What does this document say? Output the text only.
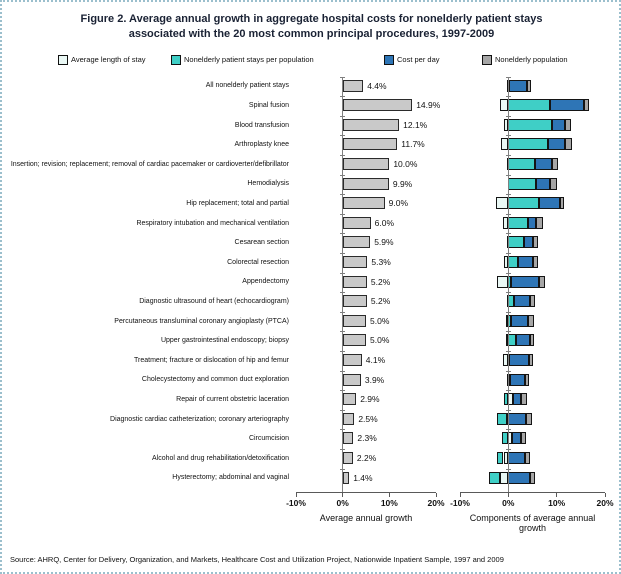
Figure 2. Average annual growth in aggregate hospital costs for nonelderly patient stays
associated with the 20 most common principal procedures, 1997-2009
Average length of stay	Nonelderly patient stays per population	Cost per day	Nonelderly population
All nonelderly patient stays
Spinal fusion
Blood transfusion
Arthroplasty knee
Insertion; revision; replacement; removal of cardiac pacemaker or cardioverter/defibrillator
Hemodialysis
Hip replacement; total and partial
Respiratory intubation and mechanical ventilation
Cesarean section
Colorectal resection
Appendectomy
Diagnostic ultrasound of heart (echocardiogram)
Percutaneous transluminal coronary angioplasty (PTCA)
Upper gastrointestinal endoscopy; biopsy
Treatment; fracture or dislocation of hip and femur
Cholecystectomy and common duct exploration
Repair of current obstetric laceration
Diagnostic cardiac catheterization; coronary arteriography
Circumcision
Alcohol and drug rehabilitation/detoxification
Hysterectomy; abdominal and vaginal
4.4%
14.9%
12.1%
11.7%
10.0%
9.9%
9.0%
6.0%
5.9%
5.3%
5.2%
5.2%
5.0%
5.0%
4.1%
3.9%
2.9%
2.5%
2.3%
2.2%
1.4%
-10%	0%	10%	20%
Average annual growth
-10%	0%	10%	20%
Components of average annual growth
Source: AHRQ, Center for Delivery, Organization, and Markets, Healthcare Cost and Utilization Project, Nationwide Inpatient Sample, 1997 and 2009
